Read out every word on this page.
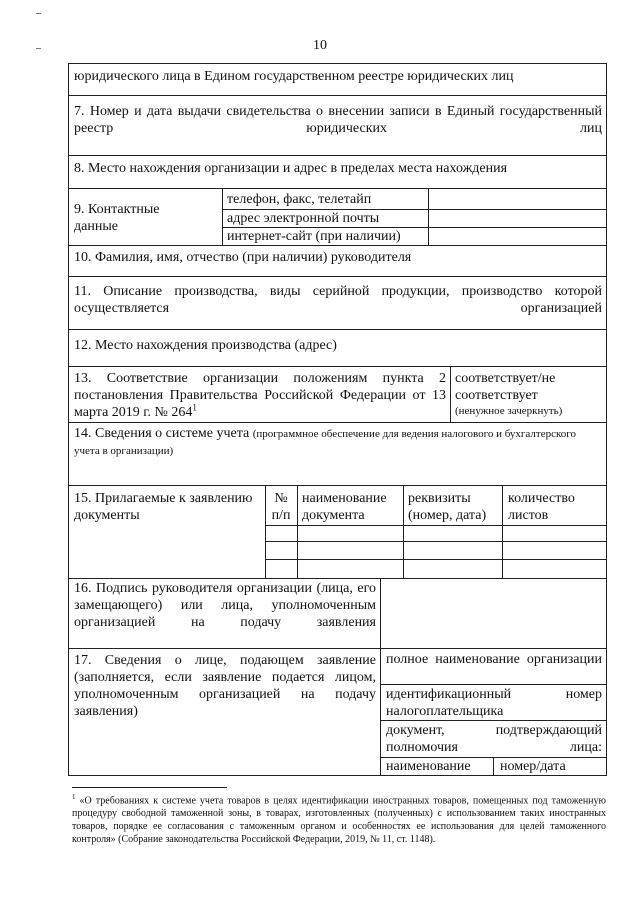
10
юридического лица в Едином государственном реестре юридических лиц
7. Номер и дата выдачи свидетельства о внесении записи в Единый государственный реестр юридических лиц
8. Место нахождения организации и адрес в пределах места нахождения
9. Контактные данные
телефон, факс, телетайп
адрес электронной почты
интернет-сайт (при наличии)
10. Фамилия, имя, отчество (при наличии) руководителя
11. Описание производства, виды серийной продукции, производство которой осуществляется организацией
12. Место нахождения производства (адрес)
13. Соответствие организации положениям пункта 2 постановления Правительства Российской Федерации от 13 марта 2019 г. № $264^1$
соответствует/не
соответствует
(ненужное зачеркнуть)
14. Сведения о системе учета (программное обеспечение для ведения налогового и бухгалтерского учета в организации)
15. Прилагаемые к заявлению документы
№ п/п
наименование документа
реквизиты (номер, дата)
количество листов
16. Подпись руководителя организации (лица, его замещающего) или лица, уполномоченным организацией на подачу заявления
17. Сведения о лице, подающем заявление (заполняется, если заявление подается лицом, уполномоченным организацией на подачу заявления)
полное наименование организации
идентификационный номер налогоплательщика
документ, подтверждающий полномочия лица:
наименование	номер/дата
$^1$ «О требованиях к системе учета товаров в целях идентификации иностранных товаров, помещенных под таможенную процедуру свободной таможенной зоны, в товарах, изготовленных (полученных) с использованием таких иностранных товаров, порядке ее согласования с таможенным органом и особенностях ее использования для целей таможенного контроля» (Собрание законодательства Российской Федерации, 2019, № 11, ст. 1148).
